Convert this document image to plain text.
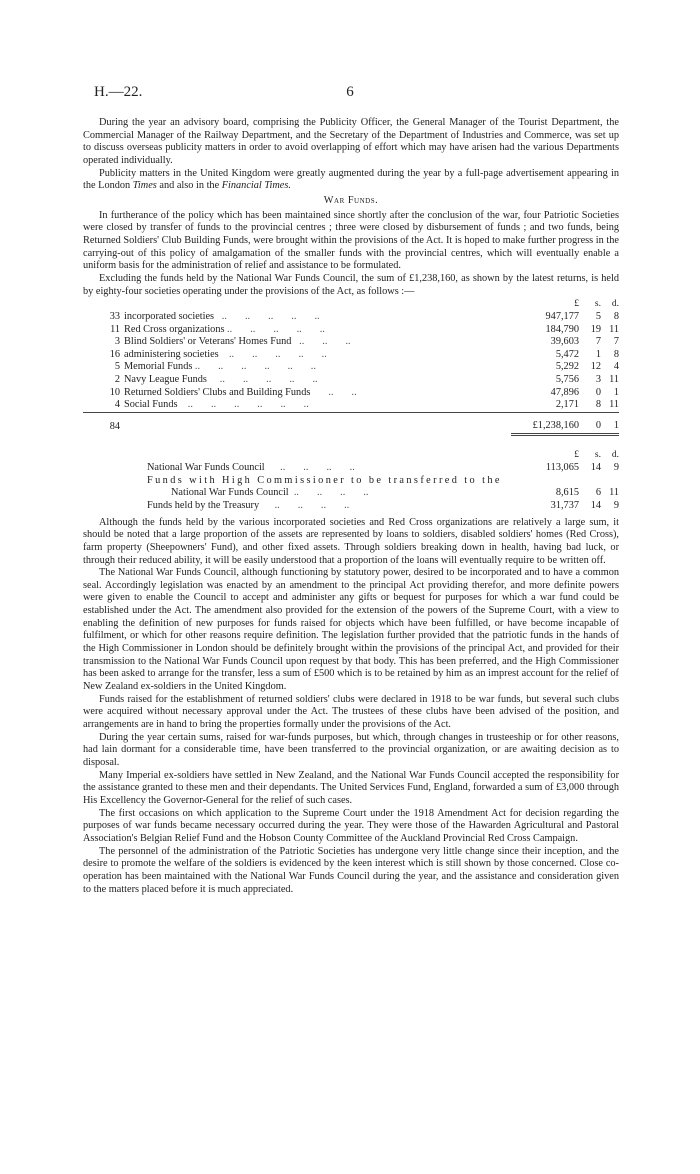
H.—22.	6

During the year an advisory board, comprising the Publicity Officer, the General Manager of the Tourist Department, the Commercial Manager of the Railway Department, and the Secretary of the Department of Industries and Commerce, was set up to discuss overseas publicity matters in order to avoid overlapping of effort which may have arisen had the various Departments operated individually.

Publicity matters in the United Kingdom were greatly augmented during the year by a full-page advertisement appearing in the London Times and also in the Financial Times.

War Funds.

In furtherance of the policy which has been maintained since shortly after the conclusion of the war, four Patriotic Societies were closed by transfer of funds to the provincial centres ; three were closed by disbursement of funds ; and two funds, being Returned Soldiers' Club Building Funds, were brought within the provisions of the Act. It is hoped to make further progress in the carrying-out of this policy of amalgamation of the smaller funds with the provincial centres, which will eventually enable a uniform basis for the administration of relief and assistance to be formulated.

Excluding the funds held by the National War Funds Council, the sum of £1,238,160, as shown by the latest returns, is held by eighty-four societies operating under the provisions of the Act, as follows :—

		£	s.	d.
33	incorporated societies   ..       ..       ..       ..       ..	947,177	5	8
11	Red Cross organizations ..       ..       ..       ..       ..	184,790	19	11
3	Blind Soldiers' or Veterans' Homes Fund   ..       ..       ..	39,603	7	7
16	administering societies    ..       ..       ..       ..       ..	5,472	1	8
5	Memorial Funds ..       ..       ..       ..       ..       ..	5,292	12	4
2	Navy League Funds     ..       ..       ..       ..       ..	5,756	3	11
10	Returned Soldiers' Clubs and Building Funds       ..       ..	47,896	0	1
4	Social Funds    ..       ..       ..       ..       ..       ..	2,171	8	11

84		£1,238,160	0	1

		£	s.	d.
	National War Funds Council      ..       ..       ..       ..	113,065	14	9
	Funds with High Commissioner to be transferred to the			
	National War Funds Council  ..       ..       ..       ..	8,615	6	11
	Funds held by the Treasury      ..       ..       ..       ..	31,737	14	9

Although the funds held by the various incorporated societies and Red Cross organizations are relatively a large sum, it should be noted that a large proportion of the assets are represented by loans to soldiers, disabled soldiers' homes (Red Cross), farm property (Sheepowners' Fund), and other fixed assets. Through soldiers breaking down in health, having bad luck, or through their reduced ability, it will be easily understood that a proportion of the loans will eventually require to be written off.

The National War Funds Council, although functioning by statutory power, desired to be incorporated and to have a common seal. Accordingly legislation was enacted by an amendment to the principal Act providing therefor, and more definite powers were given to enable the Council to accept and administer any gifts or bequest for purposes for which a war fund could be established under the Act. The amendment also provided for the extension of the powers of the Supreme Court, with a view to enabling the definition of new purposes for funds raised for objects which have been fulfilled, or have become incapable of fulfilment, or which for other reasons require definition. The legislation further provided that the patriotic funds in the hands of the High Commissioner in London should be definitely brought within the provisions of the principal Act, and provided for their transmission to the National War Funds Council upon request by that body. This has been preferred, and the High Commissioner has been asked to arrange for the transfer, less a sum of £500 which is to be retained by him as an imprest account for the relief of New Zealand ex-soldiers in the United Kingdom.

Funds raised for the establishment of returned soldiers' clubs were declared in 1918 to be war funds, but several such clubs were acquired without necessary approval under the Act. The trustees of these clubs have been advised of the position, and arrangements are in hand to bring the properties formally under the provisions of the Act.

During the year certain sums, raised for war-funds purposes, but which, through changes in trusteeship or for other reasons, had lain dormant for a considerable time, have been transferred to the provincial organization, or are awaiting decision as to disposal.

Many Imperial ex-soldiers have settled in New Zealand, and the National War Funds Council accepted the responsibility for the assistance granted to these men and their dependants. The United Services Fund, England, forwarded a sum of £3,000 through His Excellency the Governor-General for the relief of such cases.

The first occasions on which application to the Supreme Court under the 1918 Amendment Act for decision regarding the purposes of war funds became necessary occurred during the year. They were those of the Hawarden Agricultural and Pastoral Association's Belgian Relief Fund and the Hobson County Committee of the Auckland Provincial Red Cross Campaign.

The personnel of the administration of the Patriotic Societies has undergone very little change since their inception, and the desire to promote the welfare of the soldiers is evidenced by the keen interest which is still shown by those concerned. Close co-operation has been maintained with the National War Funds Council during the year, and the assistance and consideration given to the matters placed before it is much appreciated.
